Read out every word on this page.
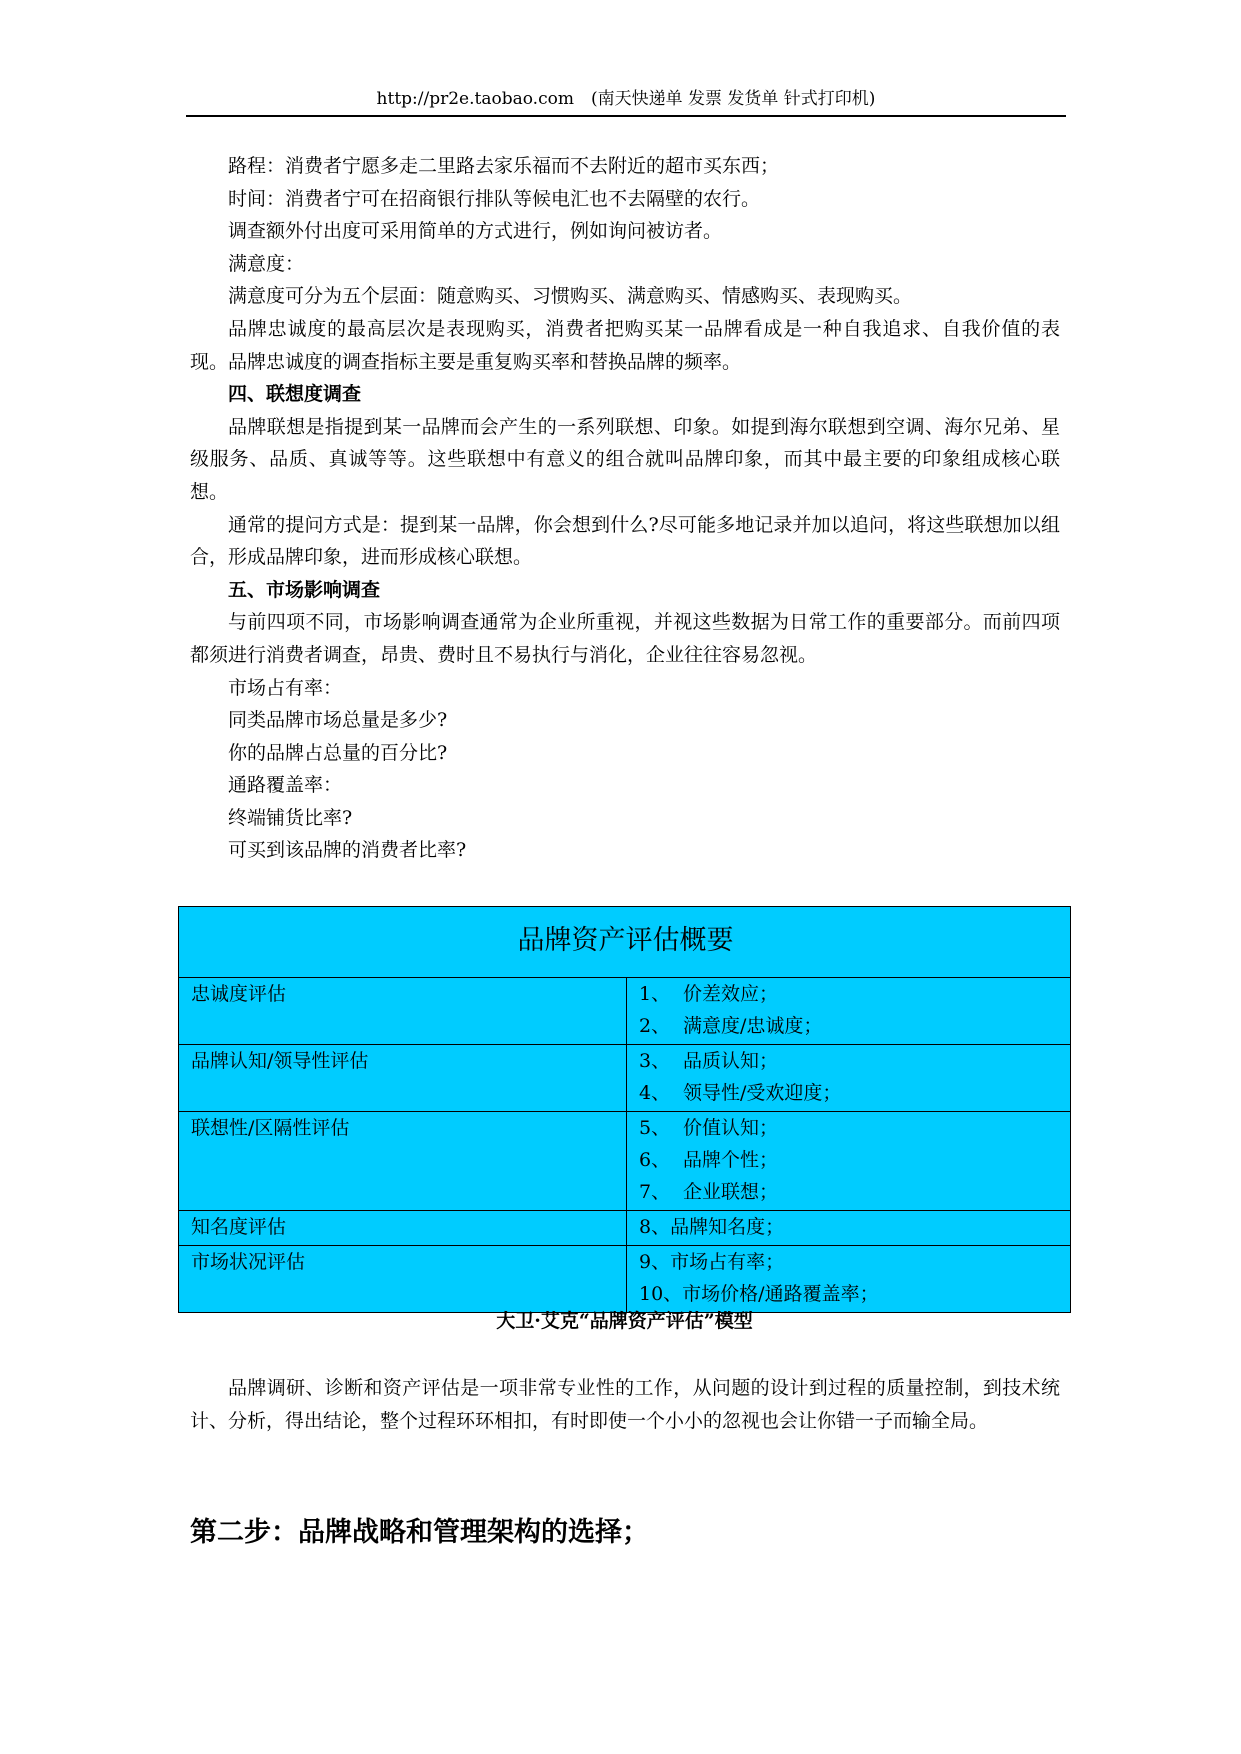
http://pr2e.taobao.com　(南天快递单 发票 发货单 针式打印机)

路程：消费者宁愿多走二里路去家乐福而不去附近的超市买东西；

时间：消费者宁可在招商银行排队等候电汇也不去隔壁的农行。

调查额外付出度可采用简单的方式进行，例如询问被访者。

满意度：

满意度可分为五个层面：随意购买、习惯购买、满意购买、情感购买、表现购买。

品牌忠诚度的最高层次是表现购买，消费者把购买某一品牌看成是一种自我追求、自我价值的表现。品牌忠诚度的调查指标主要是重复购买率和替换品牌的频率。

四、联想度调查

品牌联想是指提到某一品牌而会产生的一系列联想、印象。如提到海尔联想到空调、海尔兄弟、星级服务、品质、真诚等等。这些联想中有意义的组合就叫品牌印象，而其中最主要的印象组成核心联想。

通常的提问方式是：提到某一品牌，你会想到什么?尽可能多地记录并加以追问，将这些联想加以组合，形成品牌印象，进而形成核心联想。

五、市场影响调查

与前四项不同，市场影响调查通常为企业所重视，并视这些数据为日常工作的重要部分。而前四项都须进行消费者调查，昂贵、费时且不易执行与消化，企业往往容易忽视。

市场占有率：

同类品牌市场总量是多少?

你的品牌占总量的百分比?

通路覆盖率：

终端铺货比率?

可买到该品牌的消费者比率?

品牌资产评估概要	
忠诚度评估	1、 价差效应；
2、 满意度/忠诚度；

品牌认知/领导性评估	3、 品质认知；
4、 领导性/受欢迎度；

联想性/区隔性评估	5、 价值认知；
6、 品牌个性；
7、 企业联想；

知名度评估	8、品牌知名度；

市场状况评估	9、市场占有率；
10、市场价格/通路覆盖率；
大卫·艾克“品牌资产评估”模型

品牌调研、诊断和资产评估是一项非常专业性的工作，从问题的设计到过程的质量控制，到技术统计、分析，得出结论，整个过程环环相扣，有时即使一个小小的忽视也会让你错一子而输全局。

第二步：品牌战略和管理架构的选择；
